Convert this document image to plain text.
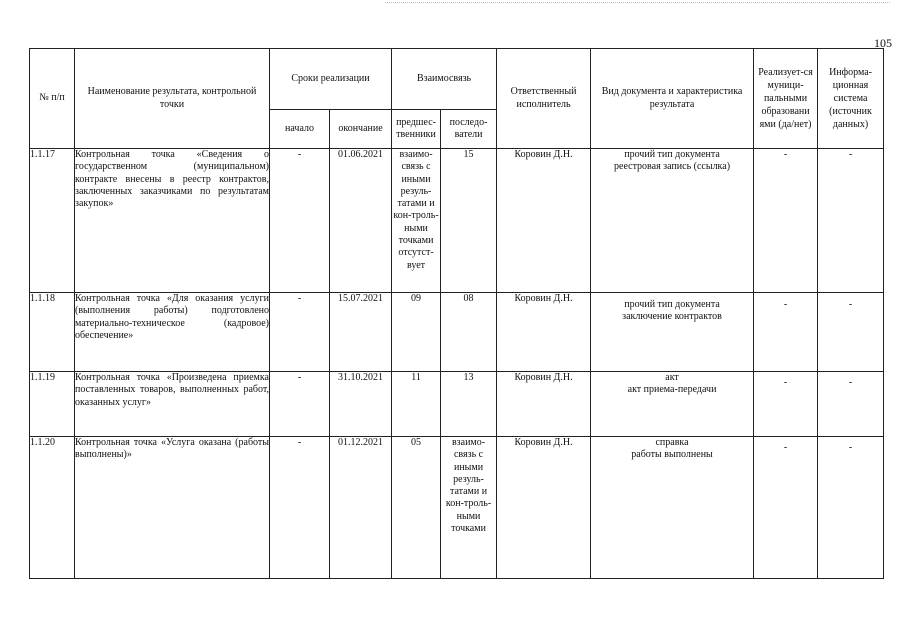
105
№ п/п	Наименование результата, контрольной точки	Сроки реализации		Взаимосвязь		Ответственный исполнитель	Вид документа и характеристика результата	Реализует-ся муници-пальными образовани ями (да/нет)	Информа-ционная система (источник данных)
		начало	окончание	предшес-твенники	последо-ватели				
1.1.17	Контрольная точка «Сведения о государственном (муниципальном) контракте внесены в реестр контрактов, заключенных заказчиками по результатам закупок»	-	01.06.2021	взаимо-связь с иными резуль-татами и кон-троль-ными точками отсутст-вует	15	Коровин Д.Н.	прочий тип документа
реестровая запись (ссылка)	-	-
1.1.18	Контрольная точка «Для оказания услуги (выполнения работы) подготовлено материально-техническое (кадровое) обеспечение»	-	15.07.2021	09	08	Коровин Д.Н.	прочий тип документа
заключение контрактов	-	-
1.1.19	Контрольная точка «Произведена приемка поставленных товаров, выполненных работ, оказанных услуг»	-	31.10.2021	11	13	Коровин Д.Н.	акт
акт приема-передачи	-	-
1.1.20	Контрольная точка «Услуга оказана (работы выполнены)»	-	01.12.2021	05	взаимо-связь с иными резуль-татами и кон-троль-ными точками	Коровин Д.Н.	справка
работы выполнены	-	-
